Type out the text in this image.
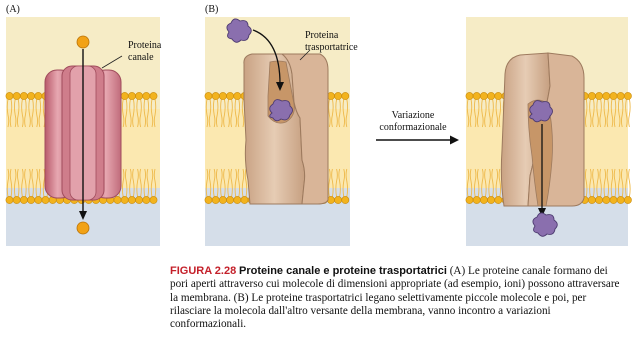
(A)
Proteina
canale
(B)
Proteina
trasportatrice
Variazione
conformazionale
FIGURA 2.28 Proteine canale e proteine trasportatrici (A) Le proteine canale formano dei pori aperti attraverso cui molecole di dimensioni appropriate (ad esempio, ioni) possono attraversare la membrana. (B) Le proteine trasportatrici legano selettivamente piccole molecole e poi, per rilasciare la molecola dall'altro versante della membrana, vanno incontro a variazioni conformazionali.
